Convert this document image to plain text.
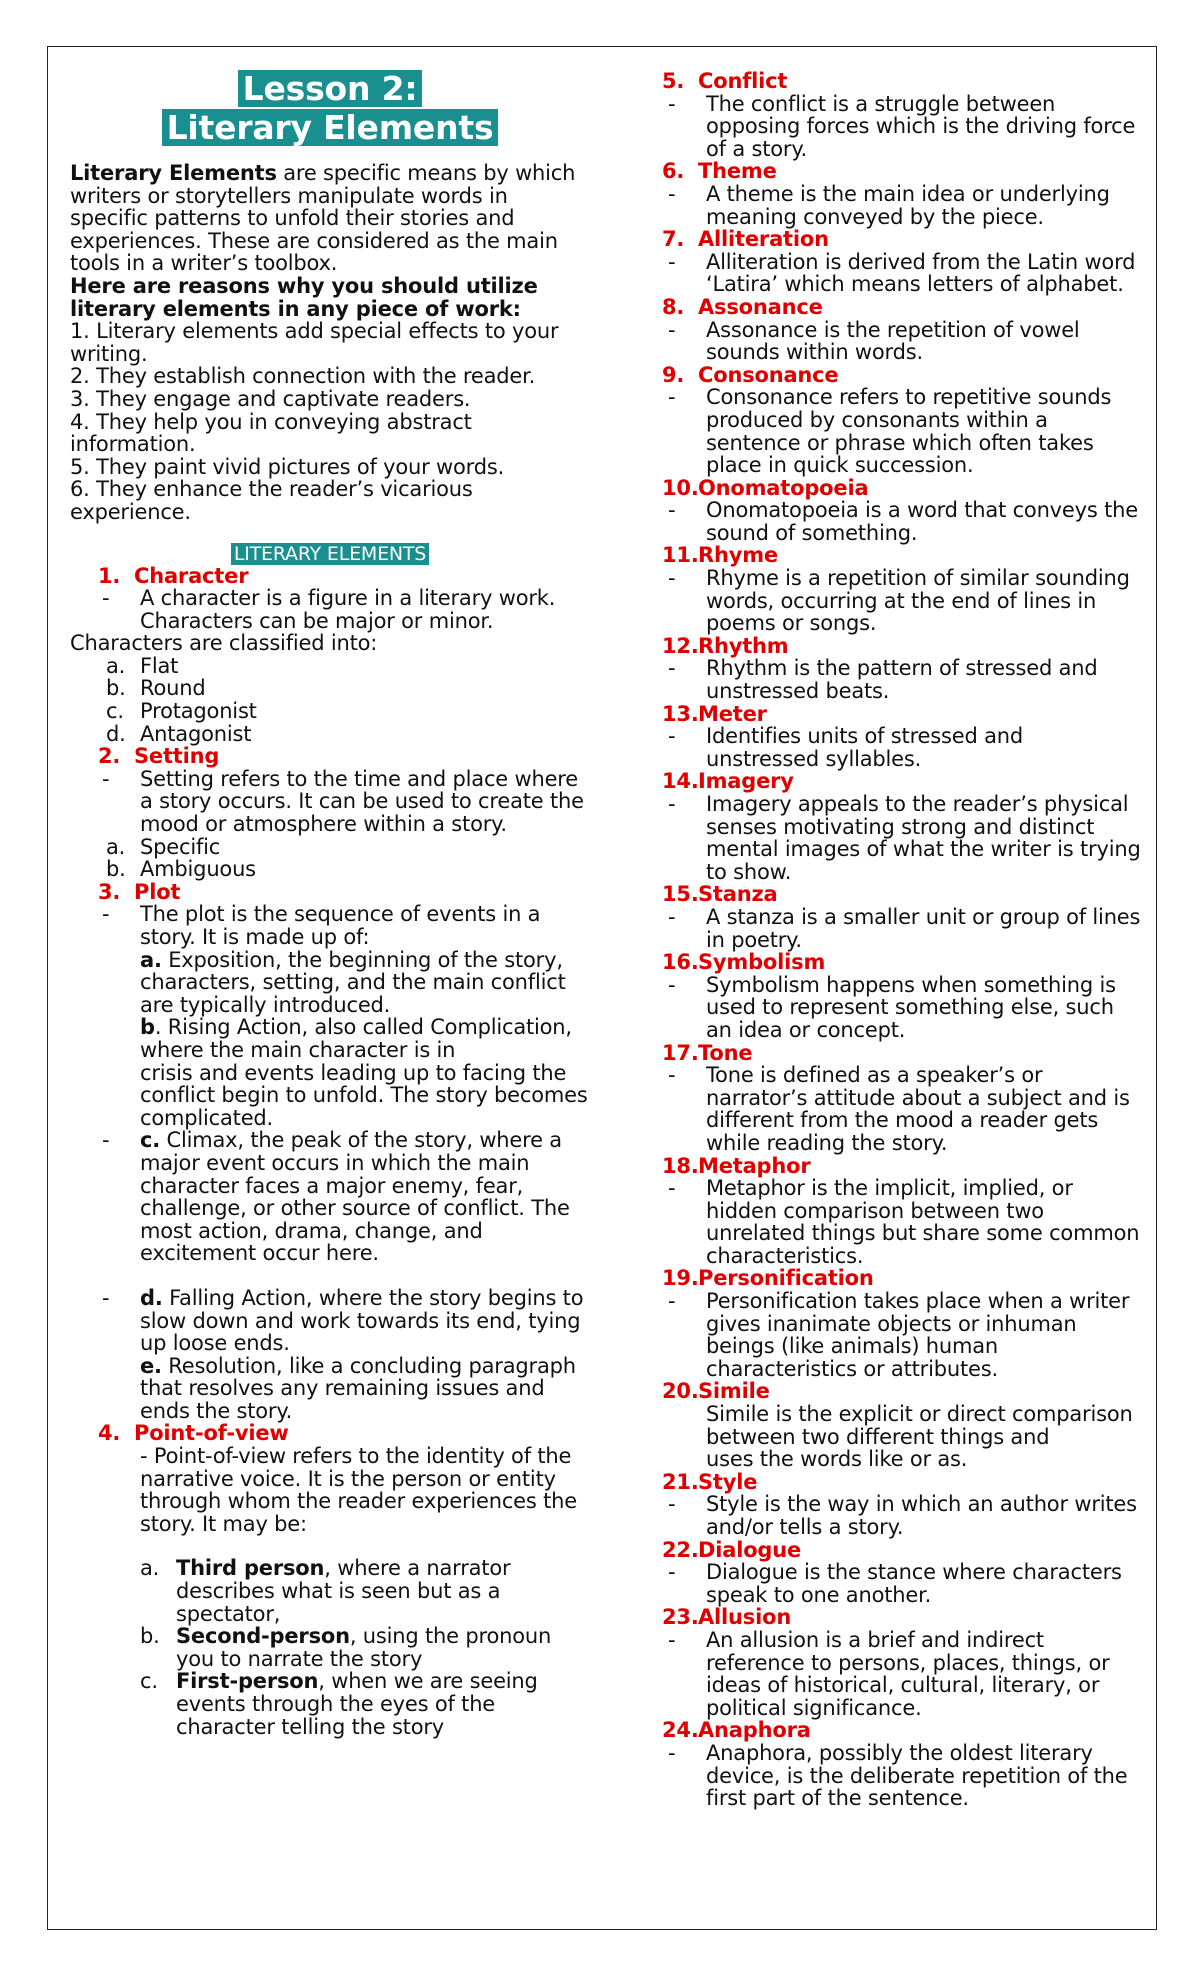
Lesson 2:
Literary Elements

Literary Elements are specific means by which writers or storytellers manipulate words in specific patterns to unfold their stories and experiences. These are considered as the main tools in a writer’s toolbox.

Here are reasons why you should utilize literary elements in any piece of work:

1. Literary elements add special effects to your writing.
2. They establish connection with the reader.
3. They engage and captivate readers.
4. They help you in conveying abstract information.
5. They paint vivid pictures of your words.
6. They enhance the reader’s vicarious experience.
LITERARY ELEMENTS
1. Character
- A character is a figure in a literary work. Characters can be major or minor.
Characters are classified into:
a. Flat
b. Round
c. Protagonist
d. Antagonist
2. Setting
- Setting refers to the time and place where a story occurs. It can be used to create the mood or atmosphere within a story.
a. Specific
b. Ambiguous
3. Plot
- The plot is the sequence of events in a story. It is made up of:
a. Exposition, the beginning of the story, characters, setting, and the main conflict are typically introduced.
b. Rising Action, also called Complication, where the main character is in
crisis and events leading up to facing the conflict begin to unfold. The story becomes complicated.
- c. Climax, the peak of the story, where a major event occurs in which the main character faces a major enemy, fear, challenge, or other source of conflict. The most action, drama, change, and excitement occur here.
- d. Falling Action, where the story begins to slow down and work towards its end, tying up loose ends.
e. Resolution, like a concluding paragraph that resolves any remaining issues and ends the story.
4. Point-of-view
- Point-of-view refers to the identity of the narrative voice. It is the person or entity through whom the reader experiences the story. It may be:
a. Third person, where a narrator describes what is seen but as a spectator,
b. Second-person, using the pronoun you to narrate the story
c. First-person, when we are seeing events through the eyes of the character telling the story
5. Conflict
- The conflict is a struggle between opposing forces which is the driving force of a story.
6. Theme
- A theme is the main idea or underlying meaning conveyed by the piece.
7. Alliteration
- Alliteration is derived from the Latin word ‘Latira’ which means letters of alphabet.
8. Assonance
- Assonance is the repetition of vowel sounds within words.
9. Consonance
- Consonance refers to repetitive sounds produced by consonants within a sentence or phrase which often takes place in quick succession.
10.Onomatopoeia
- Onomatopoeia is a word that conveys the sound of something.
11.Rhyme
- Rhyme is a repetition of similar sounding words, occurring at the end of lines in poems or songs.
12.Rhythm
- Rhythm is the pattern of stressed and unstressed beats.
13.Meter
- Identifies units of stressed and unstressed syllables.
14.Imagery
- Imagery appeals to the reader’s physical senses motivating strong and distinct mental images of what the writer is trying to show.
15.Stanza
- A stanza is a smaller unit or group of lines in poetry.
16.Symbolism
- Symbolism happens when something is used to represent something else, such an idea or concept.
17.Tone
- Tone is defined as a speaker’s or narrator’s attitude about a subject and is different from the mood a reader gets while reading the story.
18.Metaphor
- Metaphor is the implicit, implied, or hidden comparison between two unrelated things but share some common characteristics.
19.Personification
- Personification takes place when a writer gives inanimate objects or inhuman beings (like animals) human characteristics or attributes.
20.Simile
Simile is the explicit or direct comparison between two different things and
uses the words like or as.
21.Style
- Style is the way in which an author writes and/or tells a story.
22.Dialogue
- Dialogue is the stance where characters speak to one another.
23.Allusion
- An allusion is a brief and indirect reference to persons, places, things, or ideas of historical, cultural, literary, or political significance.
24.Anaphora
- Anaphora, possibly the oldest literary device, is the deliberate repetition of the first part of the sentence.
